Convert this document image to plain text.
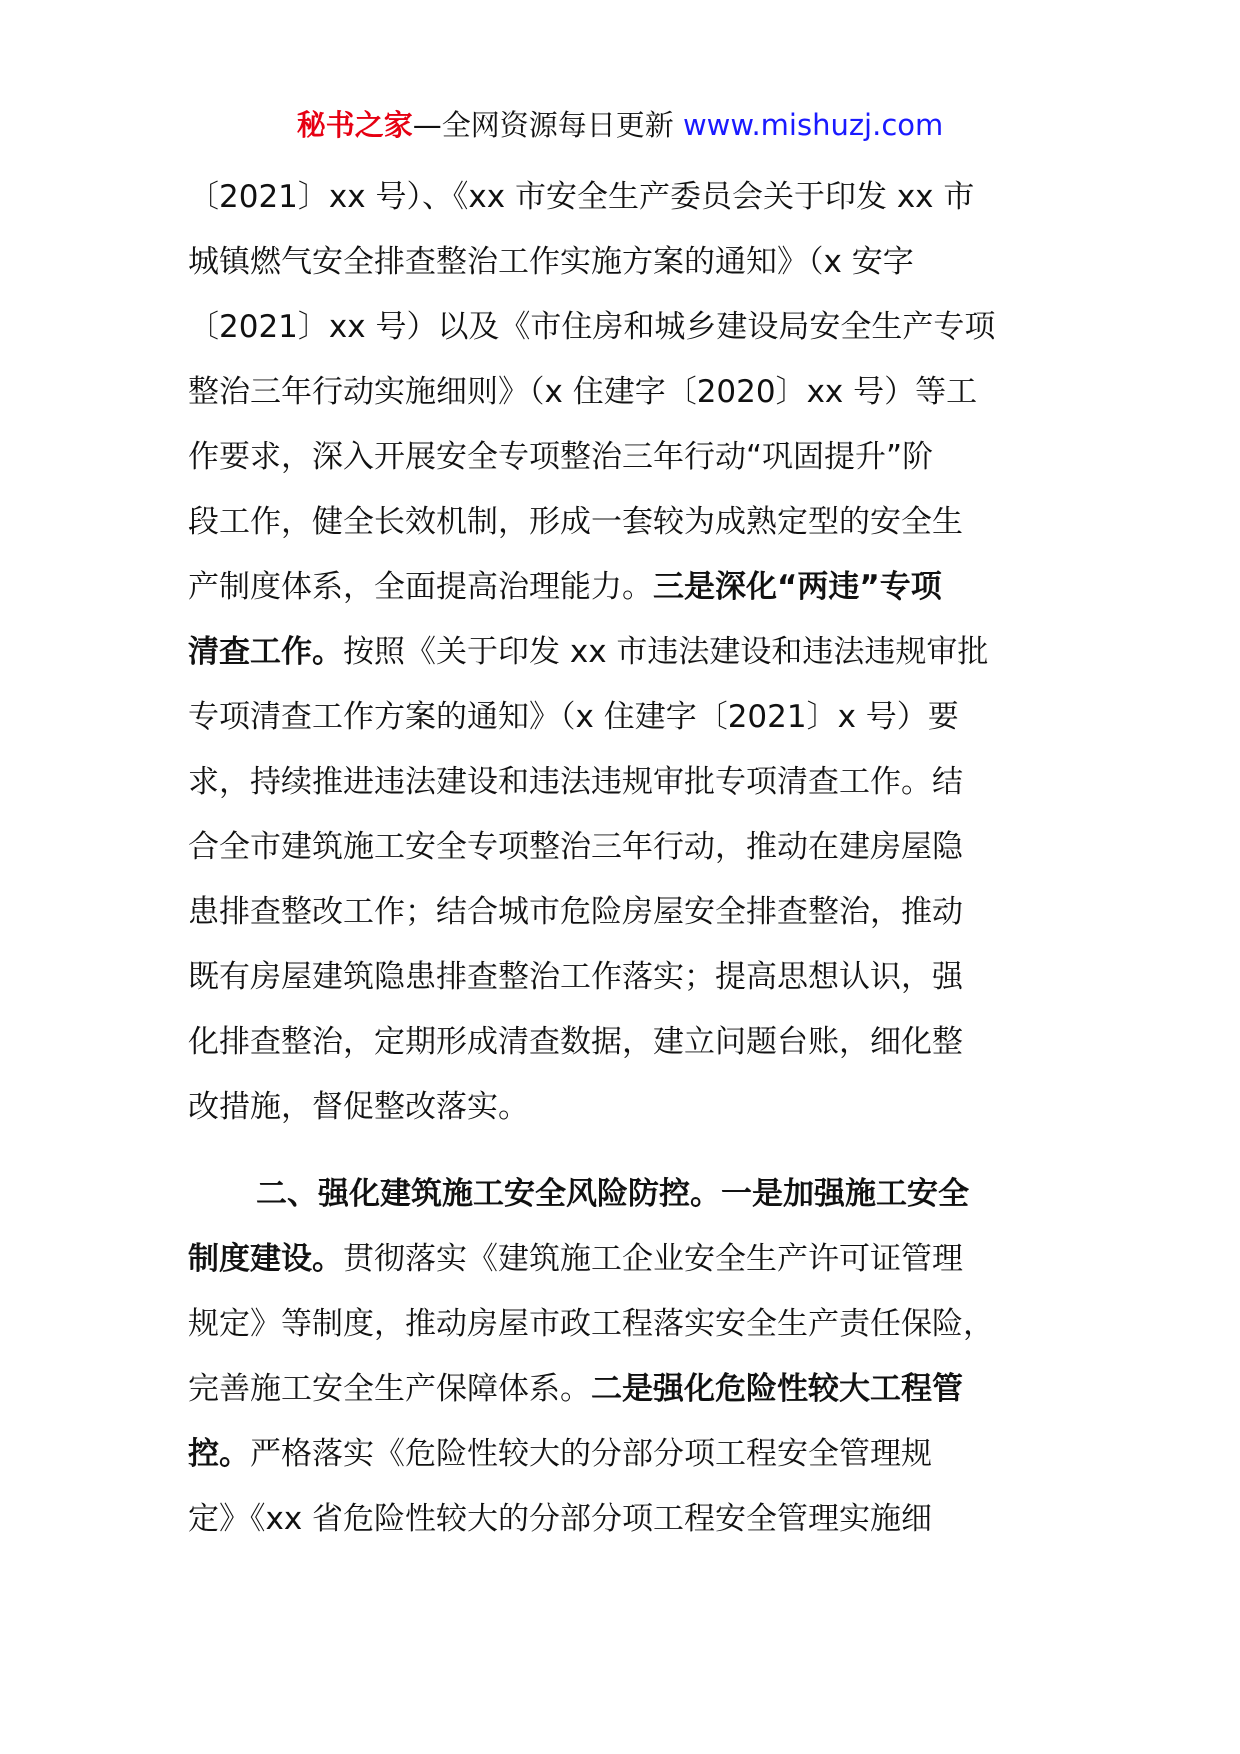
秘书之家—全网资源每日更新 www.mishuzj.com
〔2021〕xx 号）、《xx 市安全生产委员会关于印发 xx 市
城镇燃气安全排查整治工作实施方案的通知》（x 安字
〔2021〕xx 号）以及《市住房和城乡建设局安全生产专项
整治三年行动实施细则》（x 住建字〔2020〕xx 号）等工
作要求，深入开展安全专项整治三年行动“巩固提升”阶
段工作，健全长效机制，形成一套较为成熟定型的安全生
产制度体系，全面提高治理能力。三是深化“两违”专项
清查工作。按照《关于印发 xx 市违法建设和违法违规审批
专项清查工作方案的通知》（x 住建字〔2021〕x 号）要
求，持续推进违法建设和违法违规审批专项清查工作。结
合全市建筑施工安全专项整治三年行动，推动在建房屋隐
患排查整改工作；结合城市危险房屋安全排查整治，推动
既有房屋建筑隐患排查整治工作落实；提高思想认识，强
化排查整治，定期形成清查数据，建立问题台账，细化整
改措施，督促整改落实。
二、强化建筑施工安全风险防控。一是加强施工安全
制度建设。贯彻落实《建筑施工企业安全生产许可证管理
规定》等制度，推动房屋市政工程落实安全生产责任保险，
完善施工安全生产保障体系。二是强化危险性较大工程管
控。严格落实《危险性较大的分部分项工程安全管理规
定》《xx 省危险性较大的分部分项工程安全管理实施细
